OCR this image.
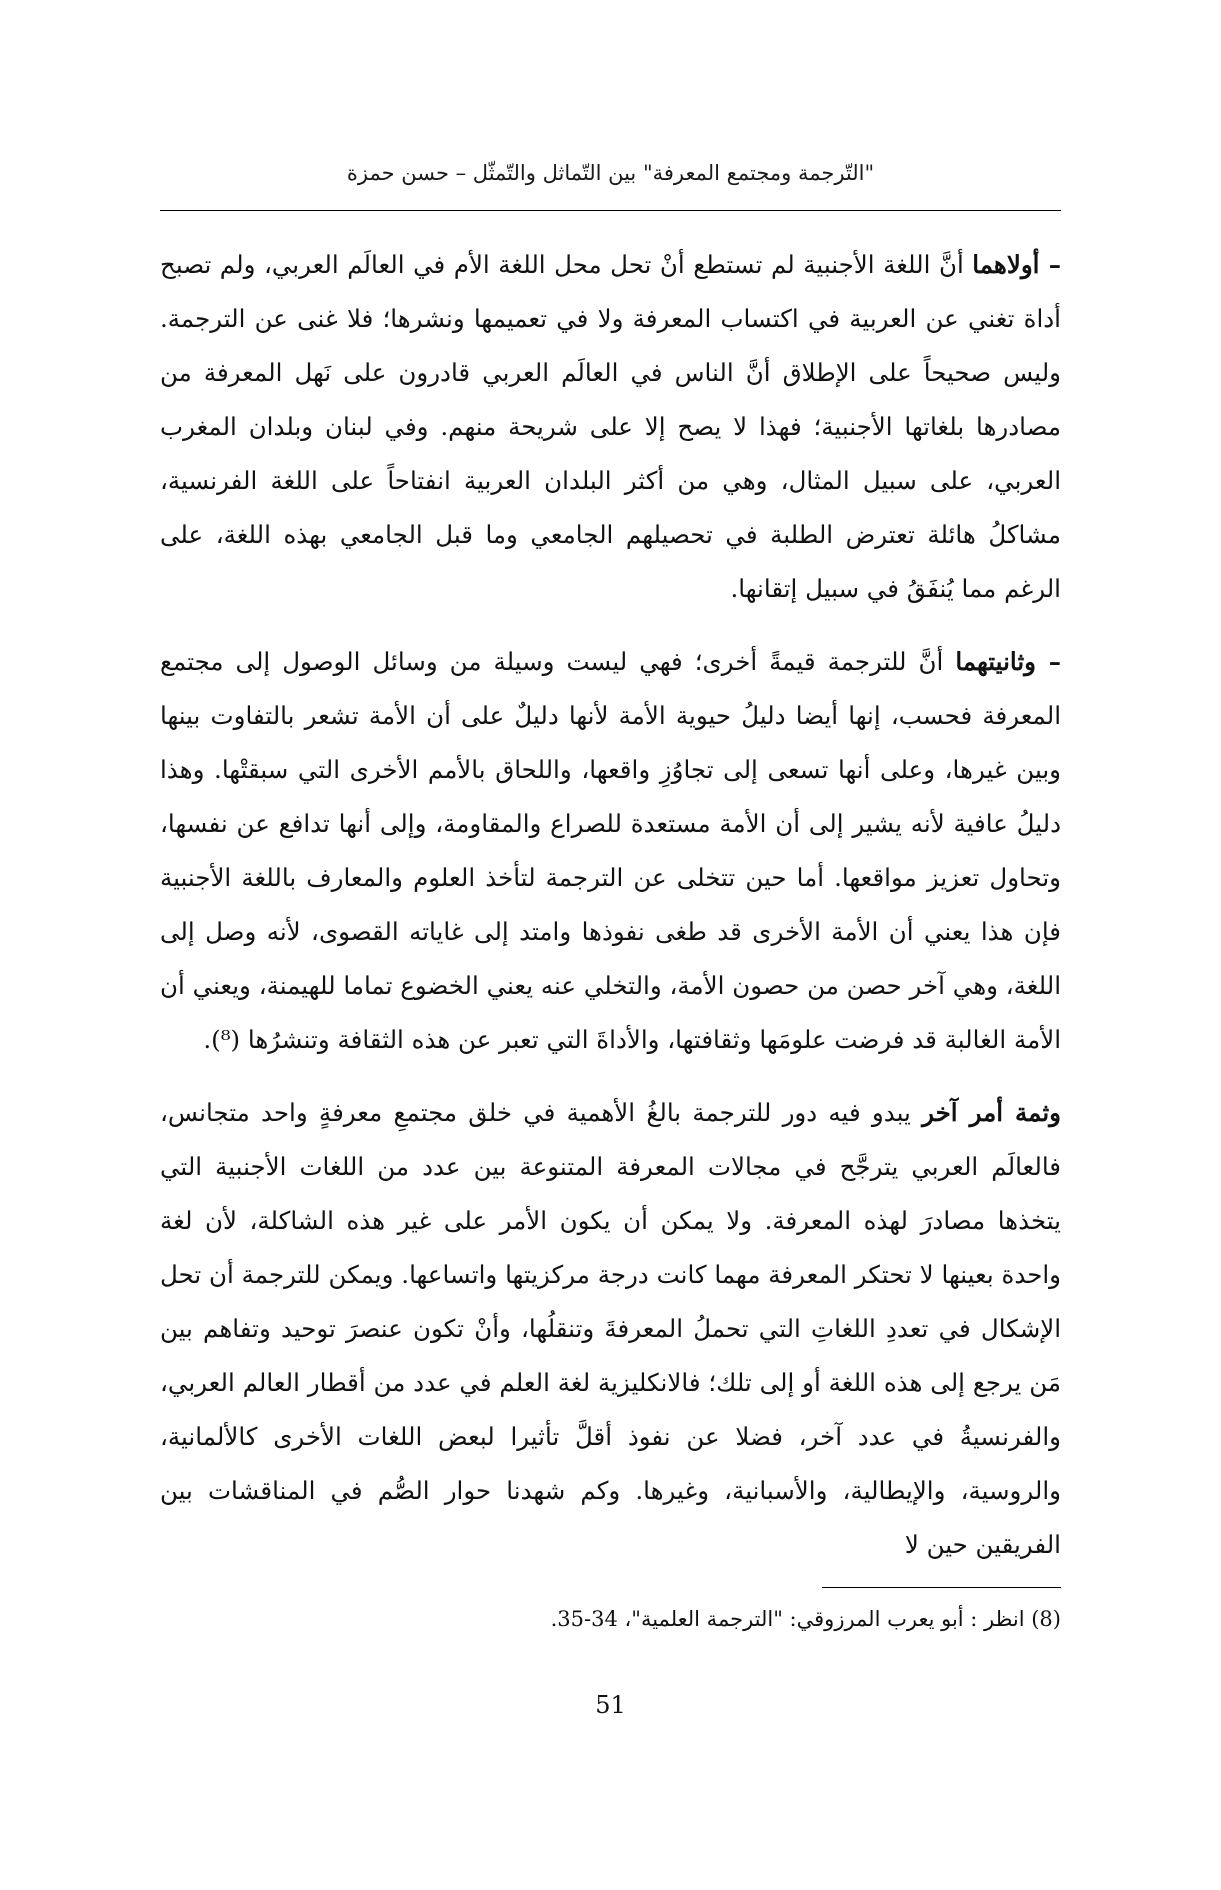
"التّرجمة ومجتمع المعرفة" بين التّماثل والتّمثّل – حسن حمزة

– أولاهما أنَّ اللغة الأجنبية لم تستطع أنْ تحل محل اللغة الأم في العالَم العربي، ولم تصبح أداة تغني عن العربية في اكتساب المعرفة ولا في تعميمها ونشرها؛ فلا غنى عن الترجمة. وليس صحيحاً على الإطلاق أنَّ الناس في العالَم العربي قادرون على نَهل المعرفة من مصادرها بلغاتها الأجنبية؛ فهذا لا يصح إلا على شريحة منهم. وفي لبنان وبلدان المغرب العربي، على سبيل المثال، وهي من أكثر البلدان العربية انفتاحاً على اللغة الفرنسية، مشاكلُ هائلة تعترض الطلبة في تحصيلهم الجامعي وما قبل الجامعي بهذه اللغة، على الرغم مما يُنفَقُ في سبيل إتقانها.

– وثانيتهما أنَّ للترجمة قيمةً أخرى؛ فهي ليست وسيلة من وسائل الوصول إلى مجتمع المعرفة فحسب، إنها أيضا دليلُ حيوية الأمة لأنها دليلٌ على أن الأمة تشعر بالتفاوت بينها وبين غيرها، وعلى أنها تسعى إلى تجاوُزِ واقعها، واللحاق بالأمم الأخرى التي سبقتْها. وهذا دليلُ عافية لأنه يشير إلى أن الأمة مستعدة للصراع والمقاومة، وإلى أنها تدافع عن نفسها، وتحاول تعزيز مواقعها. أما حين تتخلى عن الترجمة لتأخذ العلوم والمعارف باللغة الأجنبية فإن هذا يعني أن الأمة الأخرى قد طغى نفوذها وامتد إلى غاياته القصوى، لأنه وصل إلى اللغة، وهي آخر حصن من حصون الأمة، والتخلي عنه يعني الخضوع تماما للهيمنة، ويعني أن الأمة الغالبة قد فرضت علومَها وثقافتها، والأداةَ التي تعبر عن هذه الثقافة وتنشرُها (⁸).

وثمة أمر آخر يبدو فيه دور للترجمة بالغُ الأهمية في خلق مجتمعِ معرفةٍ واحد متجانس، فالعالَم العربي يترجَّح في مجالات المعرفة المتنوعة بين عدد من اللغات الأجنبية التي يتخذها مصادرَ لهذه المعرفة. ولا يمكن أن يكون الأمر على غير هذه الشاكلة، لأن لغة واحدة بعينها لا تحتكر المعرفة مهما كانت درجة مركزيتها واتساعها. ويمكن للترجمة أن تحل الإشكال في تعددِ اللغاتِ التي تحملُ المعرفةَ وتنقلُها، وأنْ تكون عنصرَ توحيد وتفاهم بين مَن يرجع إلى هذه اللغة أو إلى تلك؛ فالانكليزية لغة العلم في عدد من أقطار العالم العربي، والفرنسيةُ في عدد آخر، فضلا عن نفوذ أقلَّ تأثيرا لبعض اللغات الأخرى كالألمانية، والروسية، والإيطالية، والأسبانية، وغيرها. وكم شهدنا حوار الصُّم في المناقشات بين الفريقين حين لا

(8) انظر : أبو يعرب المرزوقي: "الترجمة العلمية"، 34-35.
51
